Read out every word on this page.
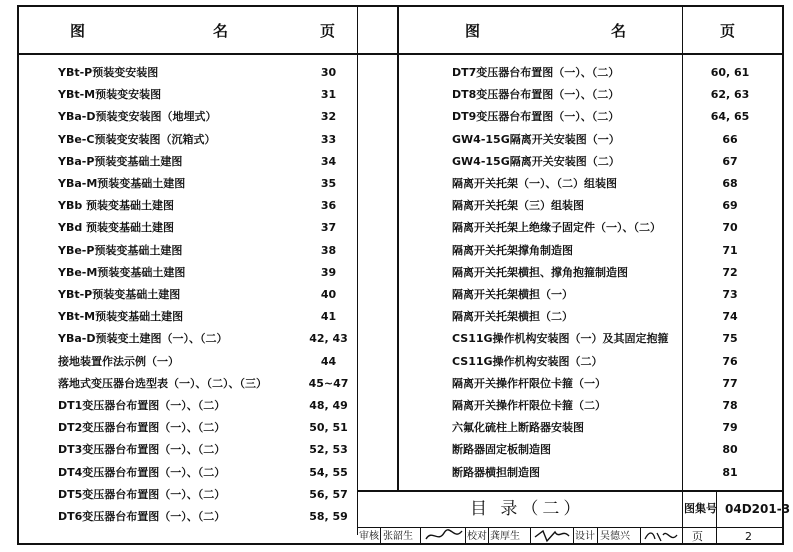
图	名	页	图	名	页
YBt-P预装变安装图	30
YBt-M预装变安装图	31
YBa-D预装变安装图（地埋式）	32
YBe-C预装变安装图（沉箱式）	33
YBa-P预装变基础土建图	34
YBa-M预装变基础土建图	35
YBb 预装变基础土建图	36
YBd 预装变基础土建图	37
YBe-P预装变基础土建图	38
YBe-M预装变基础土建图	39
YBt-P预装变基础土建图	40
YBt-M预装变基础土建图	41
YBa-D预装变土建图（一）、（二）	42, 43
接地装置作法示例（一）	44
落地式变压器台选型表（一）、（二）、（三）	45~47
DT1变压器台布置图（一）、（二）	48, 49
DT2变压器台布置图（一）、（二）	50, 51
DT3变压器台布置图（一）、（二）	52, 53
DT4变压器台布置图（一）、（二）	54, 55
DT5变压器台布置图（一）、（二）	56, 57
DT6变压器台布置图（一）、（二）	58, 59
DT7变压器台布置图（一）、（二）	60, 61
DT8变压器台布置图（一）、（二）	62, 63
DT9变压器台布置图（一）、（二）	64, 65
GW4-15G隔离开关安装图（一）	66
GW4-15G隔离开关安装图（二）	67
隔离开关托架（一）、（二）组装图	68
隔离开关托架（三）组装图	69
隔离开关托架上绝缘子固定件（一）、（二）	70
隔离开关托架撑角制造图	71
隔离开关托架横担、撑角抱箍制造图	72
隔离开关托架横担（一）	73
隔离开关托架横担（二）	74
CS11G操作机构安装图（一）及其固定抱箍	75
CS11G操作机构安装图（二）	76
隔离开关操作杆限位卡箍（一）	77
隔离开关操作杆限位卡箍（二）	78
六氟化硫柱上断路器安装图	79
断路器固定板制造图	80
断路器横担制造图	81
目 录（二）	图集号 04D201-3
页	2
审核 张韶生	校对 龚厚生	设计 吴德兴
